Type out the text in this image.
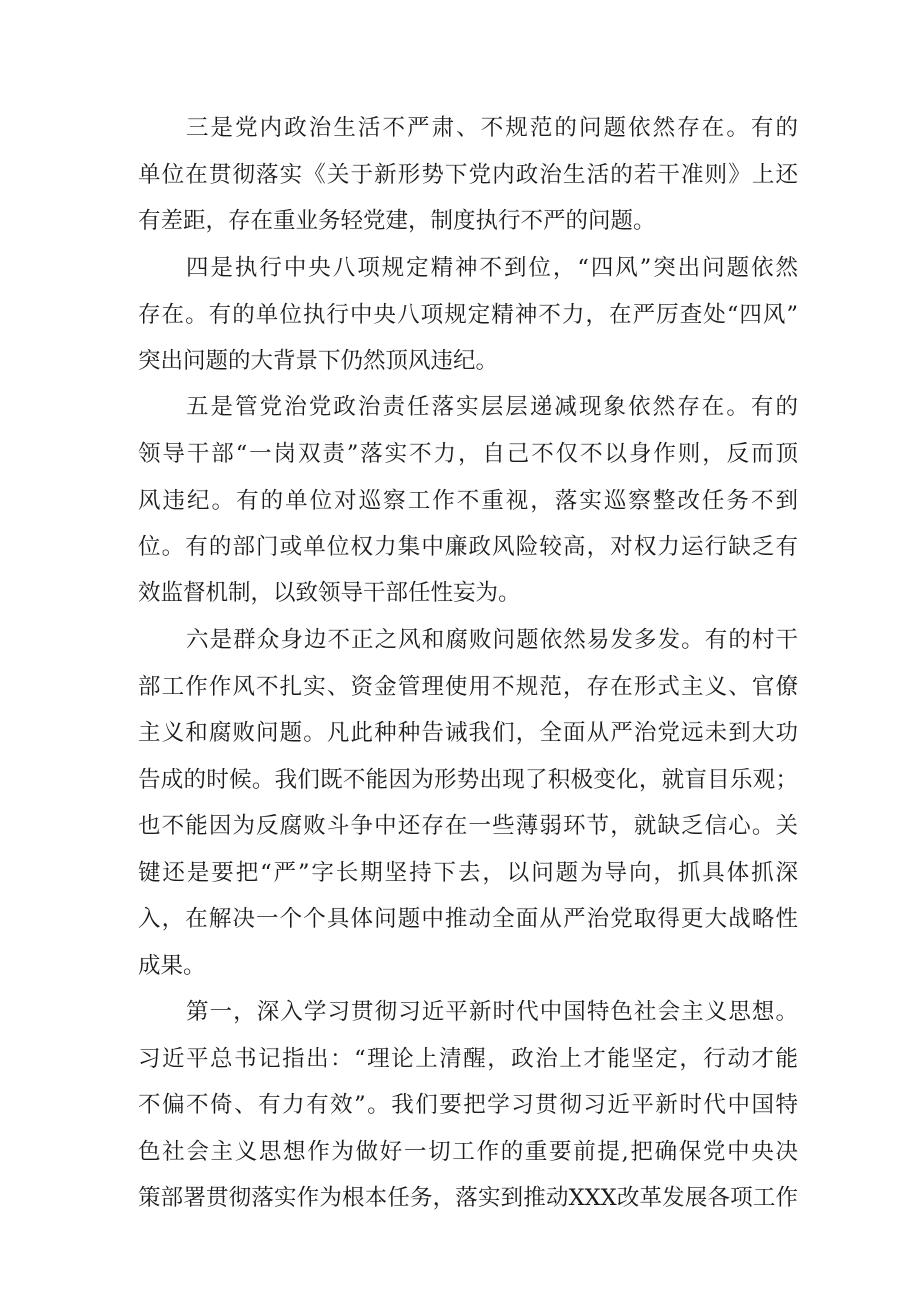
三是党内政治生活不严肃、不规范的问题依然存在。有的
单位在贯彻落实《关于新形势下党内政治生活的若干准则》上还
有差距，存在重业务轻党建，制度执行不严的问题。
四是执行中央八项规定精神不到位，“四风”突出问题依然
存在。有的单位执行中央八项规定精神不力，在严厉查处“四风”
突出问题的大背景下仍然顶风违纪。
五是管党治党政治责任落实层层递减现象依然存在。有的
领导干部“一岗双责”落实不力，自己不仅不以身作则，反而顶
风违纪。有的单位对巡察工作不重视，落实巡察整改任务不到
位。有的部门或单位权力集中廉政风险较高，对权力运行缺乏有
效监督机制，以致领导干部任性妄为。
六是群众身边不正之风和腐败问题依然易发多发。有的村干
部工作作风不扎实、资金管理使用不规范，存在形式主义、官僚
主义和腐败问题。凡此种种告诫我们，全面从严治党远未到大功
告成的时候。我们既不能因为形势出现了积极变化，就盲目乐观；
也不能因为反腐败斗争中还存在一些薄弱环节，就缺乏信心。关
键还是要把“严”字长期坚持下去，以问题为导向，抓具体抓深
入，在解决一个个具体问题中推动全面从严治党取得更大战略性
成果。
第一，深入学习贯彻习近平新时代中国特色社会主义思想。
习近平总书记指出：“理论上清醒，政治上才能坚定，行动才能
不偏不倚、有力有效”。我们要把学习贯彻习近平新时代中国特
色社会主义思想作为做好一切工作的重要前提,把确保党中央决
策部署贯彻落实作为根本任务，落实到推动XXX改革发展各项工作
